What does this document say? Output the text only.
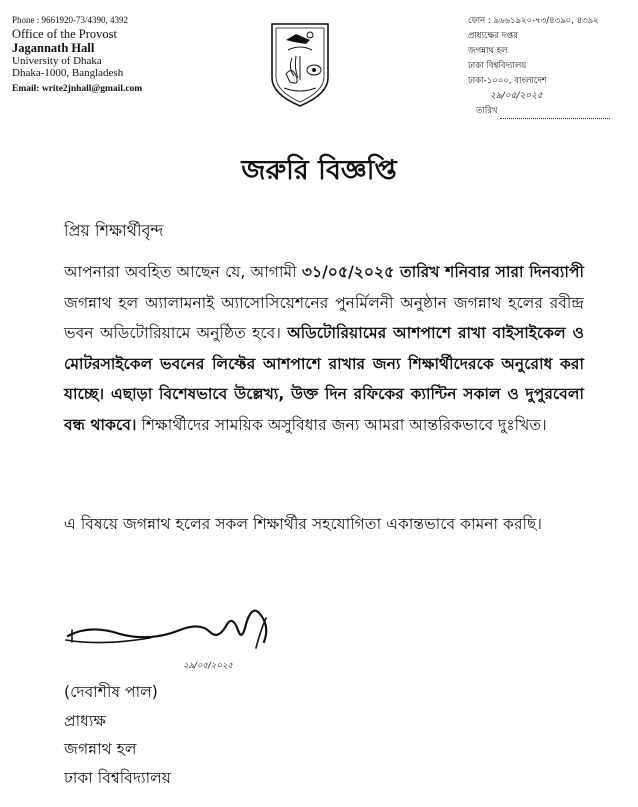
Phone : 9661920-73/4390, 4392
Office of the Provost
Jagannath Hall
University of Dhaka
Dhaka-1000, Bangladesh
Email: write2jnhall@gmail.com
ফোন : ৯৬৬১৯২০-৭৩/৪৩৯০, ৪৩৯২
প্রাধ্যক্ষের দপ্তর
জগন্নাথ হল
ঢাকা বিশ্ববিদ্যালয়
ঢাকা-১০০০, বাংলাদেশ
২৯/০৫/২০২৫
তারিখ
জরুরি বিজ্ঞপ্তি
প্রিয় শিক্ষার্থীবৃন্দ
আপনারা অবহিত আছেন যে, আগামী ৩১/০৫/২০২৫ তারিখ শনিবার সারা দিনব্যাপী জগন্নাথ হল অ্যালামনাই অ্যাসোসিয়েশনের পুনর্মিলনী অনুষ্ঠান জগন্নাথ হলের রবীন্দ্র ভবন অডিটোরিয়ামে অনুষ্ঠিত হবে। অডিটোরিয়ামের আশপাশে রাখা বাইসাইকেল ও মোটরসাইকেল ভবনের লিফ্টের আশপাশে রাখার জন্য শিক্ষার্থীদেরকে অনুরোধ করা যাচ্ছে। এছাড়া বিশেষভাবে উল্লেখ্য, উক্ত দিন রফিকের ক্যান্টিন সকাল ও দুপুরবেলা বন্ধ থাকবে। শিক্ষার্থীদের সাময়িক অসুবিধার জন্য আমরা আন্তরিকভাবে দুঃখিত।
এ বিষয়ে জগন্নাথ হলের সকল শিক্ষার্থীর সহযোগিতা একান্তভাবে কামনা করছি।
২৯/০৫/২০২৫
(দেবাশীষ পাল)
প্রাধ্যক্ষ
জগন্নাথ হল
ঢাকা বিশ্ববিদ্যালয়
